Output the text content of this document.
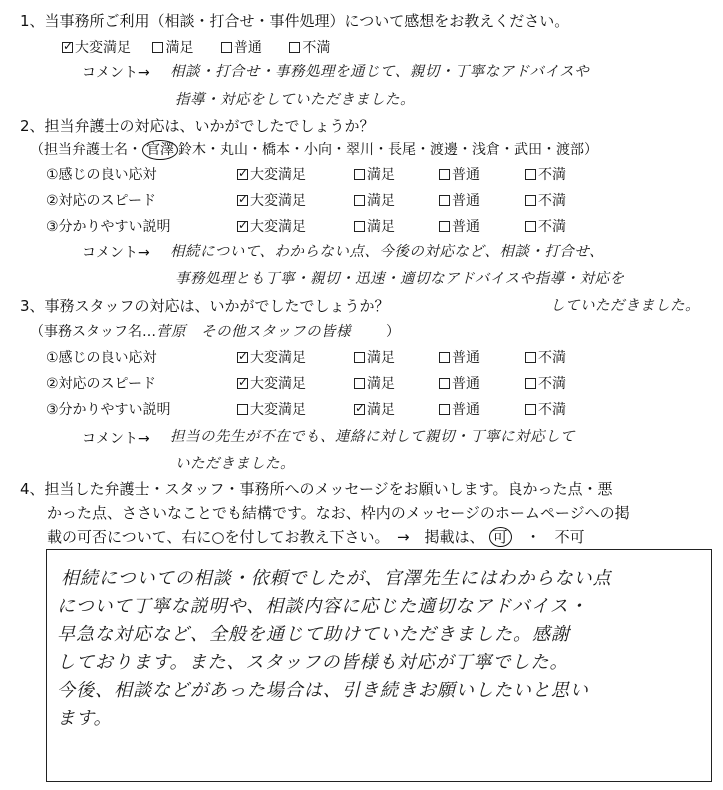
1、当事務所ご利用（相談・打合せ・事件処理）について感想をお教えください。
✓大変満足 満足	普通	不満
コメント→ 相談・打合せ・事務処理を通じて、親切・丁寧なアドバイスや
指導・対応をしていただきました。
2、担当弁護士の対応は、いかがでしたでしょうか？
（担当弁護士名・ 官澤 鈴木・丸山・橋本・小向・翠川・長尾・渡邊・浅倉・武田・渡部）
①感じの良い応対 ✓	大変満足	満足	普通	不満
②対応のスピード ✓	大変満足	満足	普通	不満
③分かりやすい説明 ✓	大変満足	満足	普通	不満
コメント→ 相続について、わからない点、今後の対応など、相談・打合せ、
事務処理とも丁寧・親切・迅速・適切なアドバイスや指導・対応を
していただきました。
3、事務スタッフの対応は、いかがでしたでしょうか？
（事務スタッフ名…菅原　その他スタッフの皆様	）
①感じの良い応対 ✓	大変満足	満足	普通	不満
②対応のスピード ✓	大変満足	満足	普通	不満
③分かりやすい説明	大変満足 ✓	満足	普通	不満
コメント→ 担当の先生が不在でも、連絡に対して親切・丁寧に対応して
いただきました。
4、担当した弁護士・スタッフ・事務所へのメッセージをお願いします。良かった点・悪
かった点、ささいなことでも結構です。なお、枠内のメッセージのホームページへの掲
載の可否について、右に○を付してお教え下さい。　→　掲載は、 可 ・ 不可
相続についての相談・依頼でしたが、官澤先生にはわからない点
について丁寧な説明や、相談内容に応じた適切なアドバイス・
早急な対応など、全般を通じて助けていただきました。感謝
しております。また、スタッフの皆様も対応が丁寧でした。
今後、相談などがあった場合は、引き続きお願いしたいと思い
ます。
